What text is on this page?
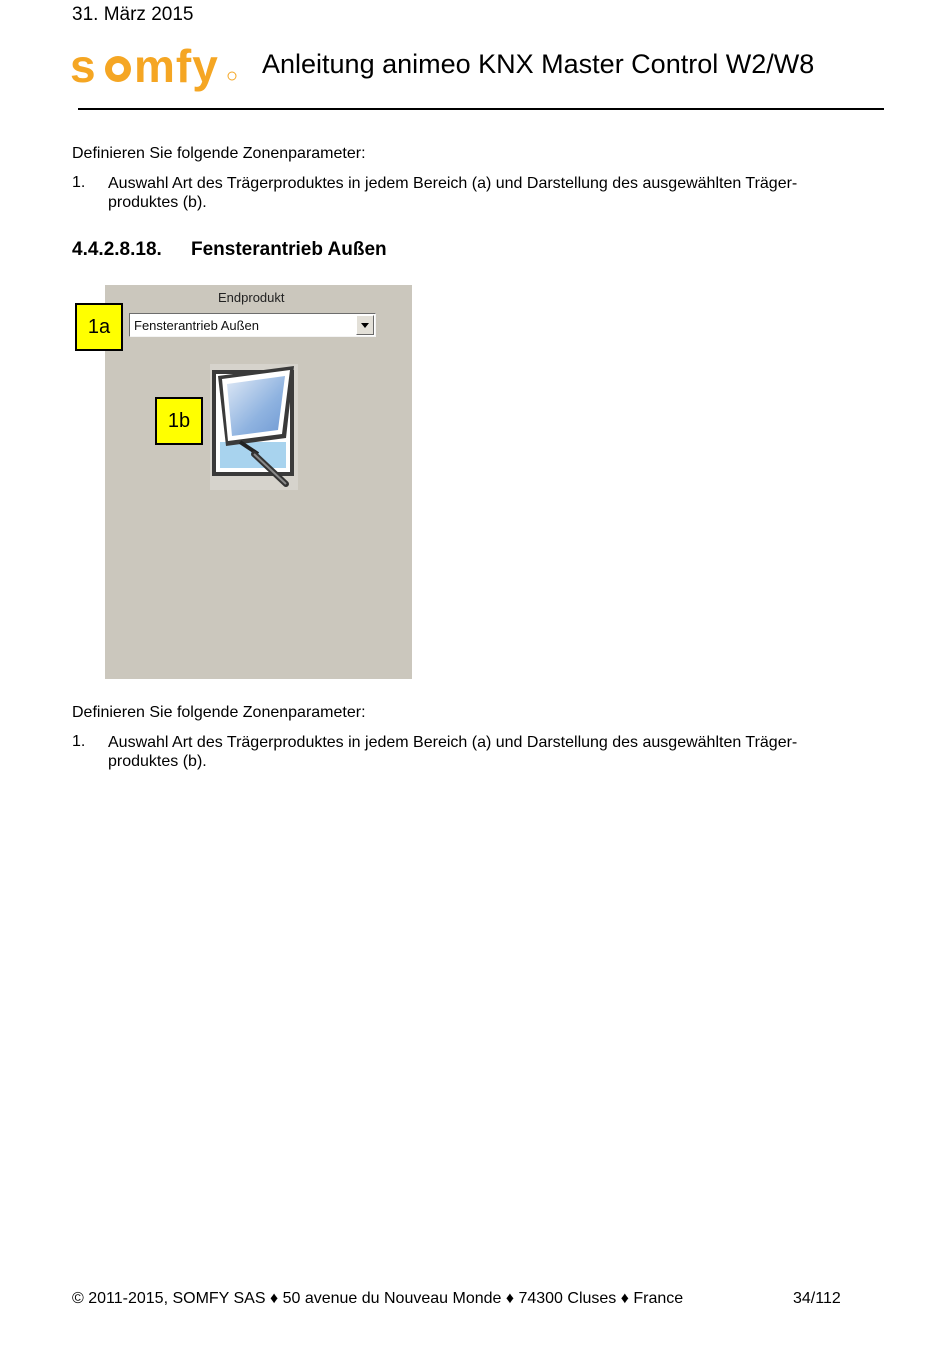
31. März 2015
s mfy Anleitung animeo KNX Master Control W2/W8
Definieren Sie folgende Zonenparameter:
1. Auswahl Art des Trägerproduktes in jedem Bereich (a) und Darstellung des ausgewählten Träger-
produktes (b).
4.4.2.8.18. Fensterantrieb Außen
Endprodukt
Fensterantrieb Außen
1a
1b
Definieren Sie folgende Zonenparameter:
1. Auswahl Art des Trägerproduktes in jedem Bereich (a) und Darstellung des ausgewählten Träger-
produktes (b).
© 2011-2015, SOMFY SAS ♦ 50 avenue du Nouveau Monde ♦ 74300 Cluses ♦ France	34/112
